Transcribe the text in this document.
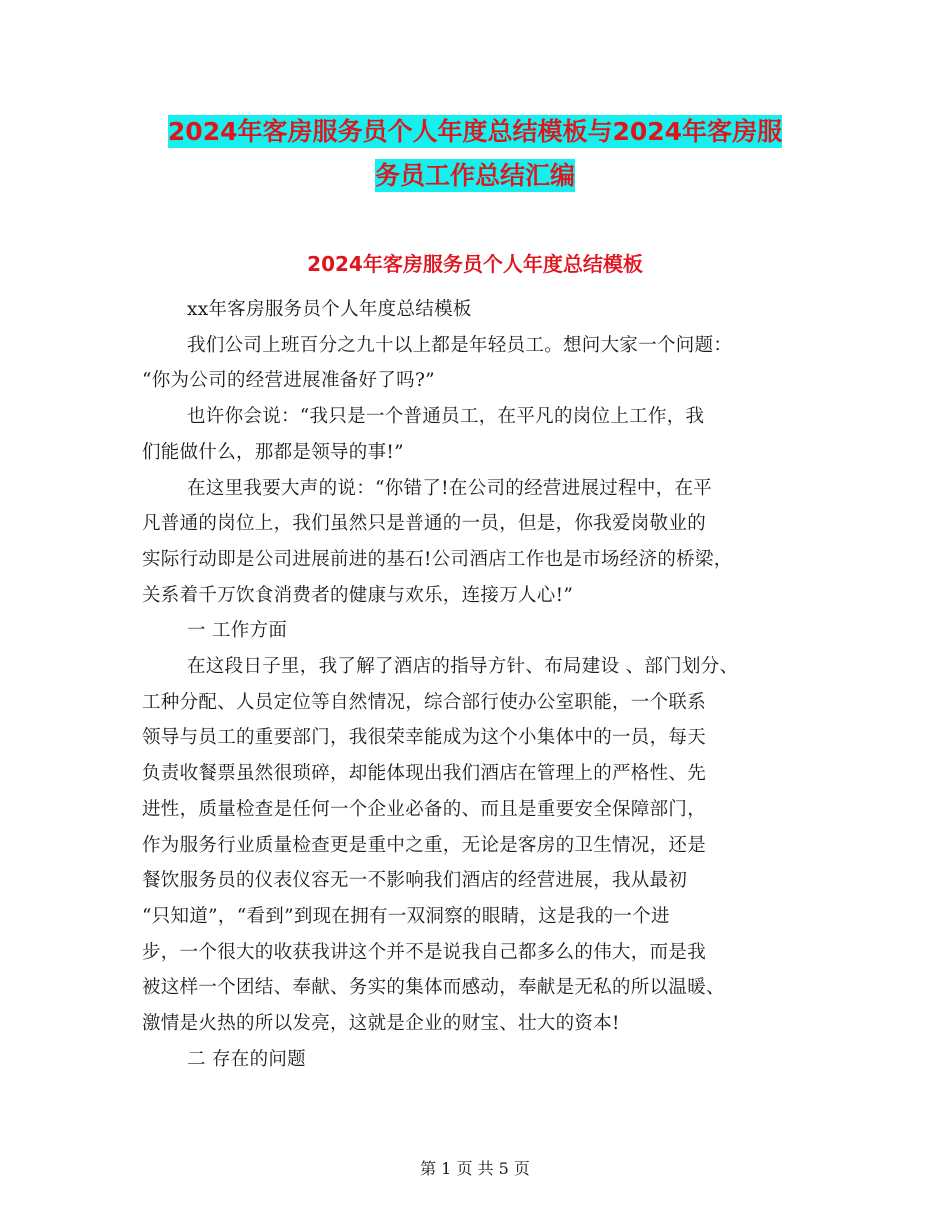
2024年客房服务员个人年度总结模板与2024年客房服
务员工作总结汇编
2024年客房服务员个人年度总结模板

xx年客房服务员个人年度总结模板

我们公司上班百分之九十以上都是年轻员工。想问大家一个问题：

“你为公司的经营进展准备好了吗?”

也许你会说：“我只是一个普通员工，在平凡的岗位上工作，我

们能做什么，那都是领导的事!”

在这里我要大声的说：“你错了!在公司的经营进展过程中，在平

凡普通的岗位上，我们虽然只是普通的一员，但是，你我爱岗敬业的

实际行动即是公司进展前进的基石!公司酒店工作也是市场经济的桥梁，

关系着千万饮食消费者的健康与欢乐，连接万人心!”

一 工作方面

在这段日子里，我了解了酒店的指导方针、布局建设 、部门划分、

工种分配、人员定位等自然情况，综合部行使办公室职能，一个联系

领导与员工的重要部门，我很荣幸能成为这个小集体中的一员，每天

负责收餐票虽然很琐碎，却能体现出我们酒店在管理上的严格性、先

进性，质量检查是任何一个企业必备的、而且是重要安全保障部门，

作为服务行业质量检查更是重中之重，无论是客房的卫生情况，还是

餐饮服务员的仪表仪容无一不影响我们酒店的经营进展，我从最初

“只知道”，“看到”到现在拥有一双洞察的眼睛，这是我的一个进

步，一个很大的收获我讲这个并不是说我自己都多么的伟大，而是我

被这样一个团结、奉献、务实的集体而感动，奉献是无私的所以温暖、

激情是火热的所以发亮，这就是企业的财宝、壮大的资本!

二 存在的问题

第 1 页 共 5 页
